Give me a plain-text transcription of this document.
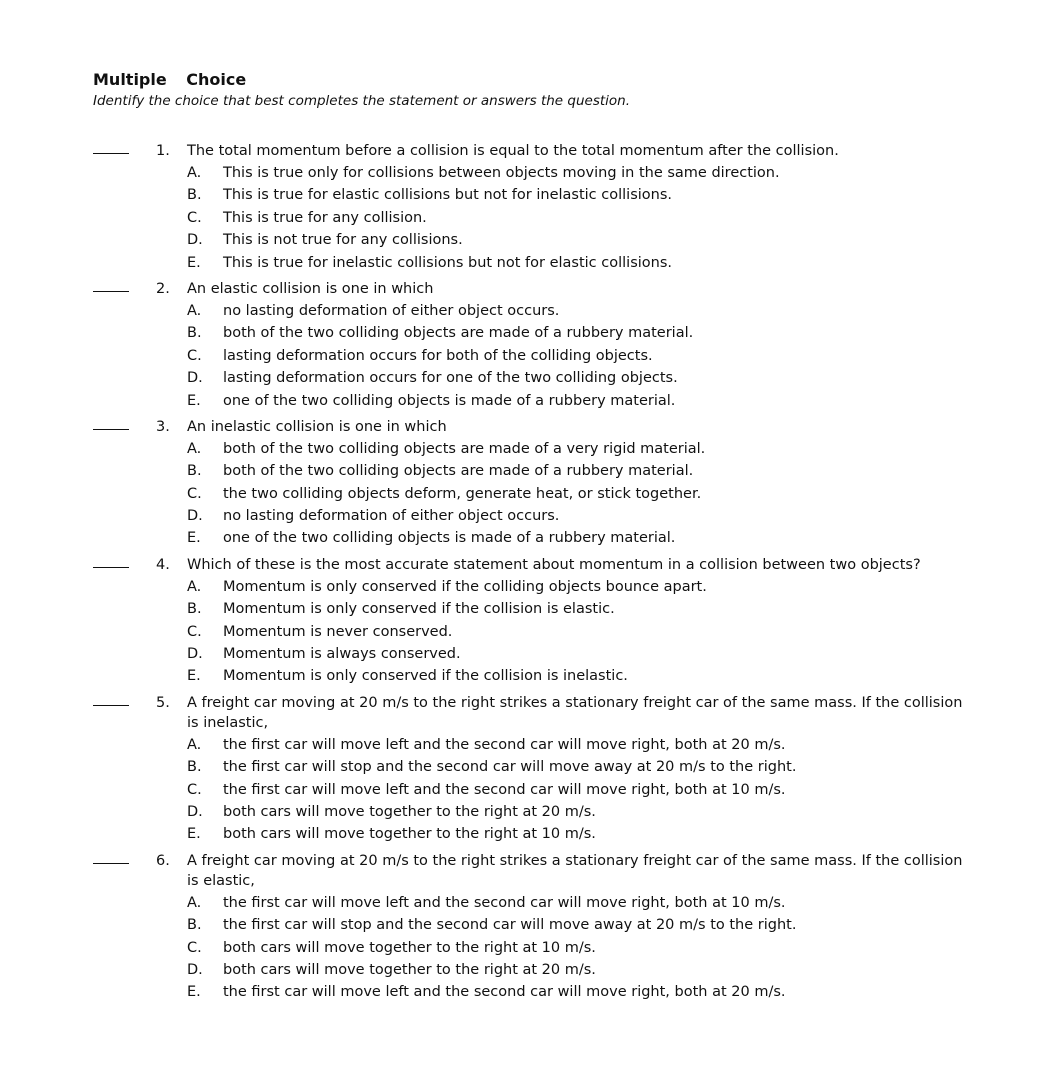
Multiple Choice

Identify the choice that best completes the statement or answers the question.

1. The total momentum before a collision is equal to the total momentum after the collision.
A. This is true only for collisions between objects moving in the same direction.
B. This is true for elastic collisions but not for inelastic collisions.
C. This is true for any collision.
D. This is not true for any collisions.
E. This is true for inelastic collisions but not for elastic collisions.
2. An elastic collision is one in which
A. no lasting deformation of either object occurs.
B. both of the two colliding objects are made of a rubbery material.
C. lasting deformation occurs for both of the colliding objects.
D. lasting deformation occurs for one of the two colliding objects.
E. one of the two colliding objects is made of a rubbery material.
3. An inelastic collision is one in which
A. both of the two colliding objects are made of a very rigid material.
B. both of the two colliding objects are made of a rubbery material.
C. the two colliding objects deform, generate heat, or stick together.
D. no lasting deformation of either object occurs.
E. one of the two colliding objects is made of a rubbery material.
4. Which of these is the most accurate statement about momentum in a collision between two objects?
A. Momentum is only conserved if the colliding objects bounce apart.
B. Momentum is only conserved if the collision is elastic.
C. Momentum is never conserved.
D. Momentum is always conserved.
E. Momentum is only conserved if the collision is inelastic.
5. A freight car moving at 20 m/s to the right strikes a stationary freight car of the same mass. If the collision is inelastic,
A. the first car will move left and the second car will move right, both at 20 m/s.
B. the first car will stop and the second car will move away at 20 m/s to the right.
C. the first car will move left and the second car will move right, both at 10 m/s.
D. both cars will move together to the right at 20 m/s.
E. both cars will move together to the right at 10 m/s.
6. A freight car moving at 20 m/s to the right strikes a stationary freight car of the same mass. If the collision is elastic,
A. the first car will move left and the second car will move right, both at 10 m/s.
B. the first car will stop and the second car will move away at 20 m/s to the right.
C. both cars will move together to the right at 10 m/s.
D. both cars will move together to the right at 20 m/s.
E. the first car will move left and the second car will move right, both at 20 m/s.
